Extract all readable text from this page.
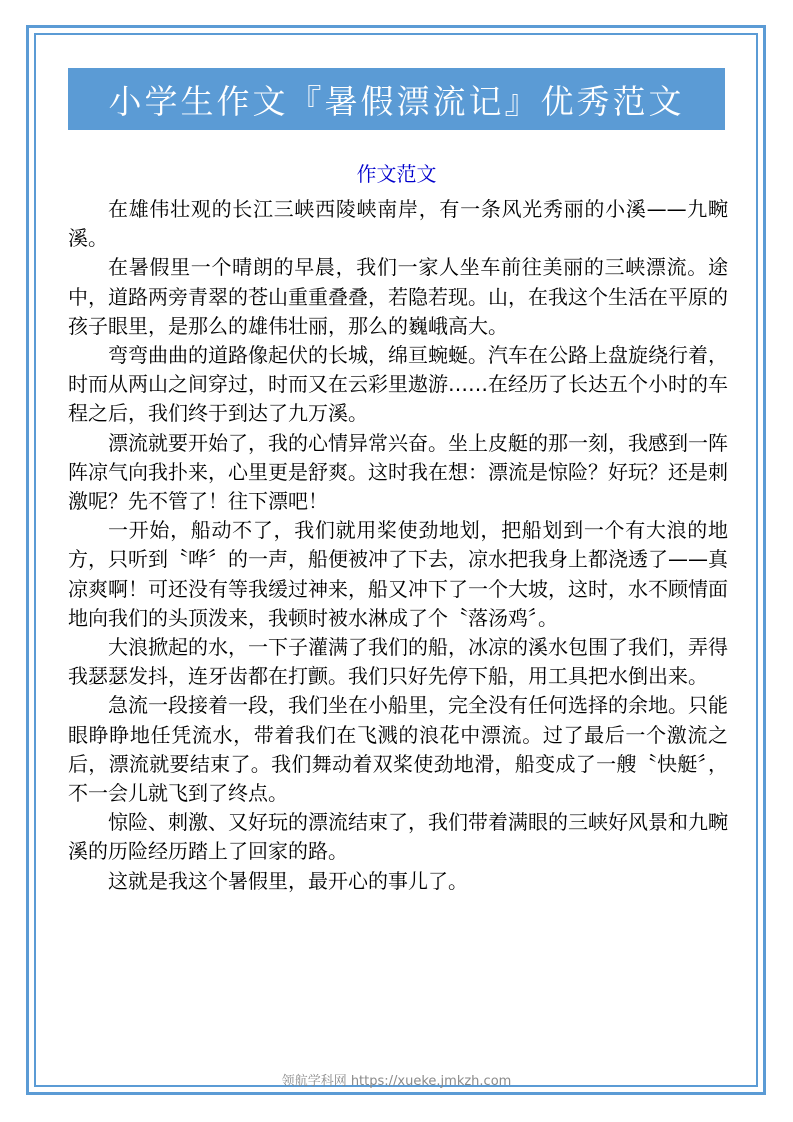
小学生作文『暑假漂流记』优秀范文
作文范文

在雄伟壮观的长江三峡西陵峡南岸，有一条风光秀丽的小溪——九畹溪。

在暑假里一个晴朗的早晨，我们一家人坐车前往美丽的三峡漂流。途中，道路两旁青翠的苍山重重叠叠，若隐若现。山，在我这个生活在平原的孩子眼里，是那么的雄伟壮丽，那么的巍峨高大。

弯弯曲曲的道路像起伏的长城，绵亘蜿蜒。汽车在公路上盘旋绕行着，时而从两山之间穿过，时而又在云彩里遨游……在经历了长达五个小时的车程之后，我们终于到达了九万溪。

漂流就要开始了，我的心情异常兴奋。坐上皮艇的那一刻，我感到一阵阵凉气向我扑来，心里更是舒爽。这时我在想：漂流是惊险？好玩？还是刺激呢？先不管了！往下漂吧！

一开始，船动不了，我们就用桨使劲地划，把船划到一个有大浪的地方，只听到〝哗〞的一声，船便被冲了下去，凉水把我身上都浇透了——真凉爽啊！可还没有等我缓过神来，船又冲下了一个大坡，这时，水不顾情面地向我们的头顶泼来，我顿时被水淋成了个〝落汤鸡〞。

大浪掀起的水，一下子灌满了我们的船，冰凉的溪水包围了我们，弄得我瑟瑟发抖，连牙齿都在打颤。我们只好先停下船，用工具把水倒出来。

急流一段接着一段，我们坐在小船里，完全没有任何选择的余地。只能眼睁睁地任凭流水，带着我们在飞溅的浪花中漂流。过了最后一个激流之后，漂流就要结束了。我们舞动着双桨使劲地滑，船变成了一艘〝快艇〞，不一会儿就飞到了终点。

惊险、刺激、又好玩的漂流结束了，我们带着满眼的三峡好风景和九畹溪的历险经历踏上了回家的路。

这就是我这个暑假里，最开心的事儿了。

领航学科网 https://xueke.jmkzh.com
